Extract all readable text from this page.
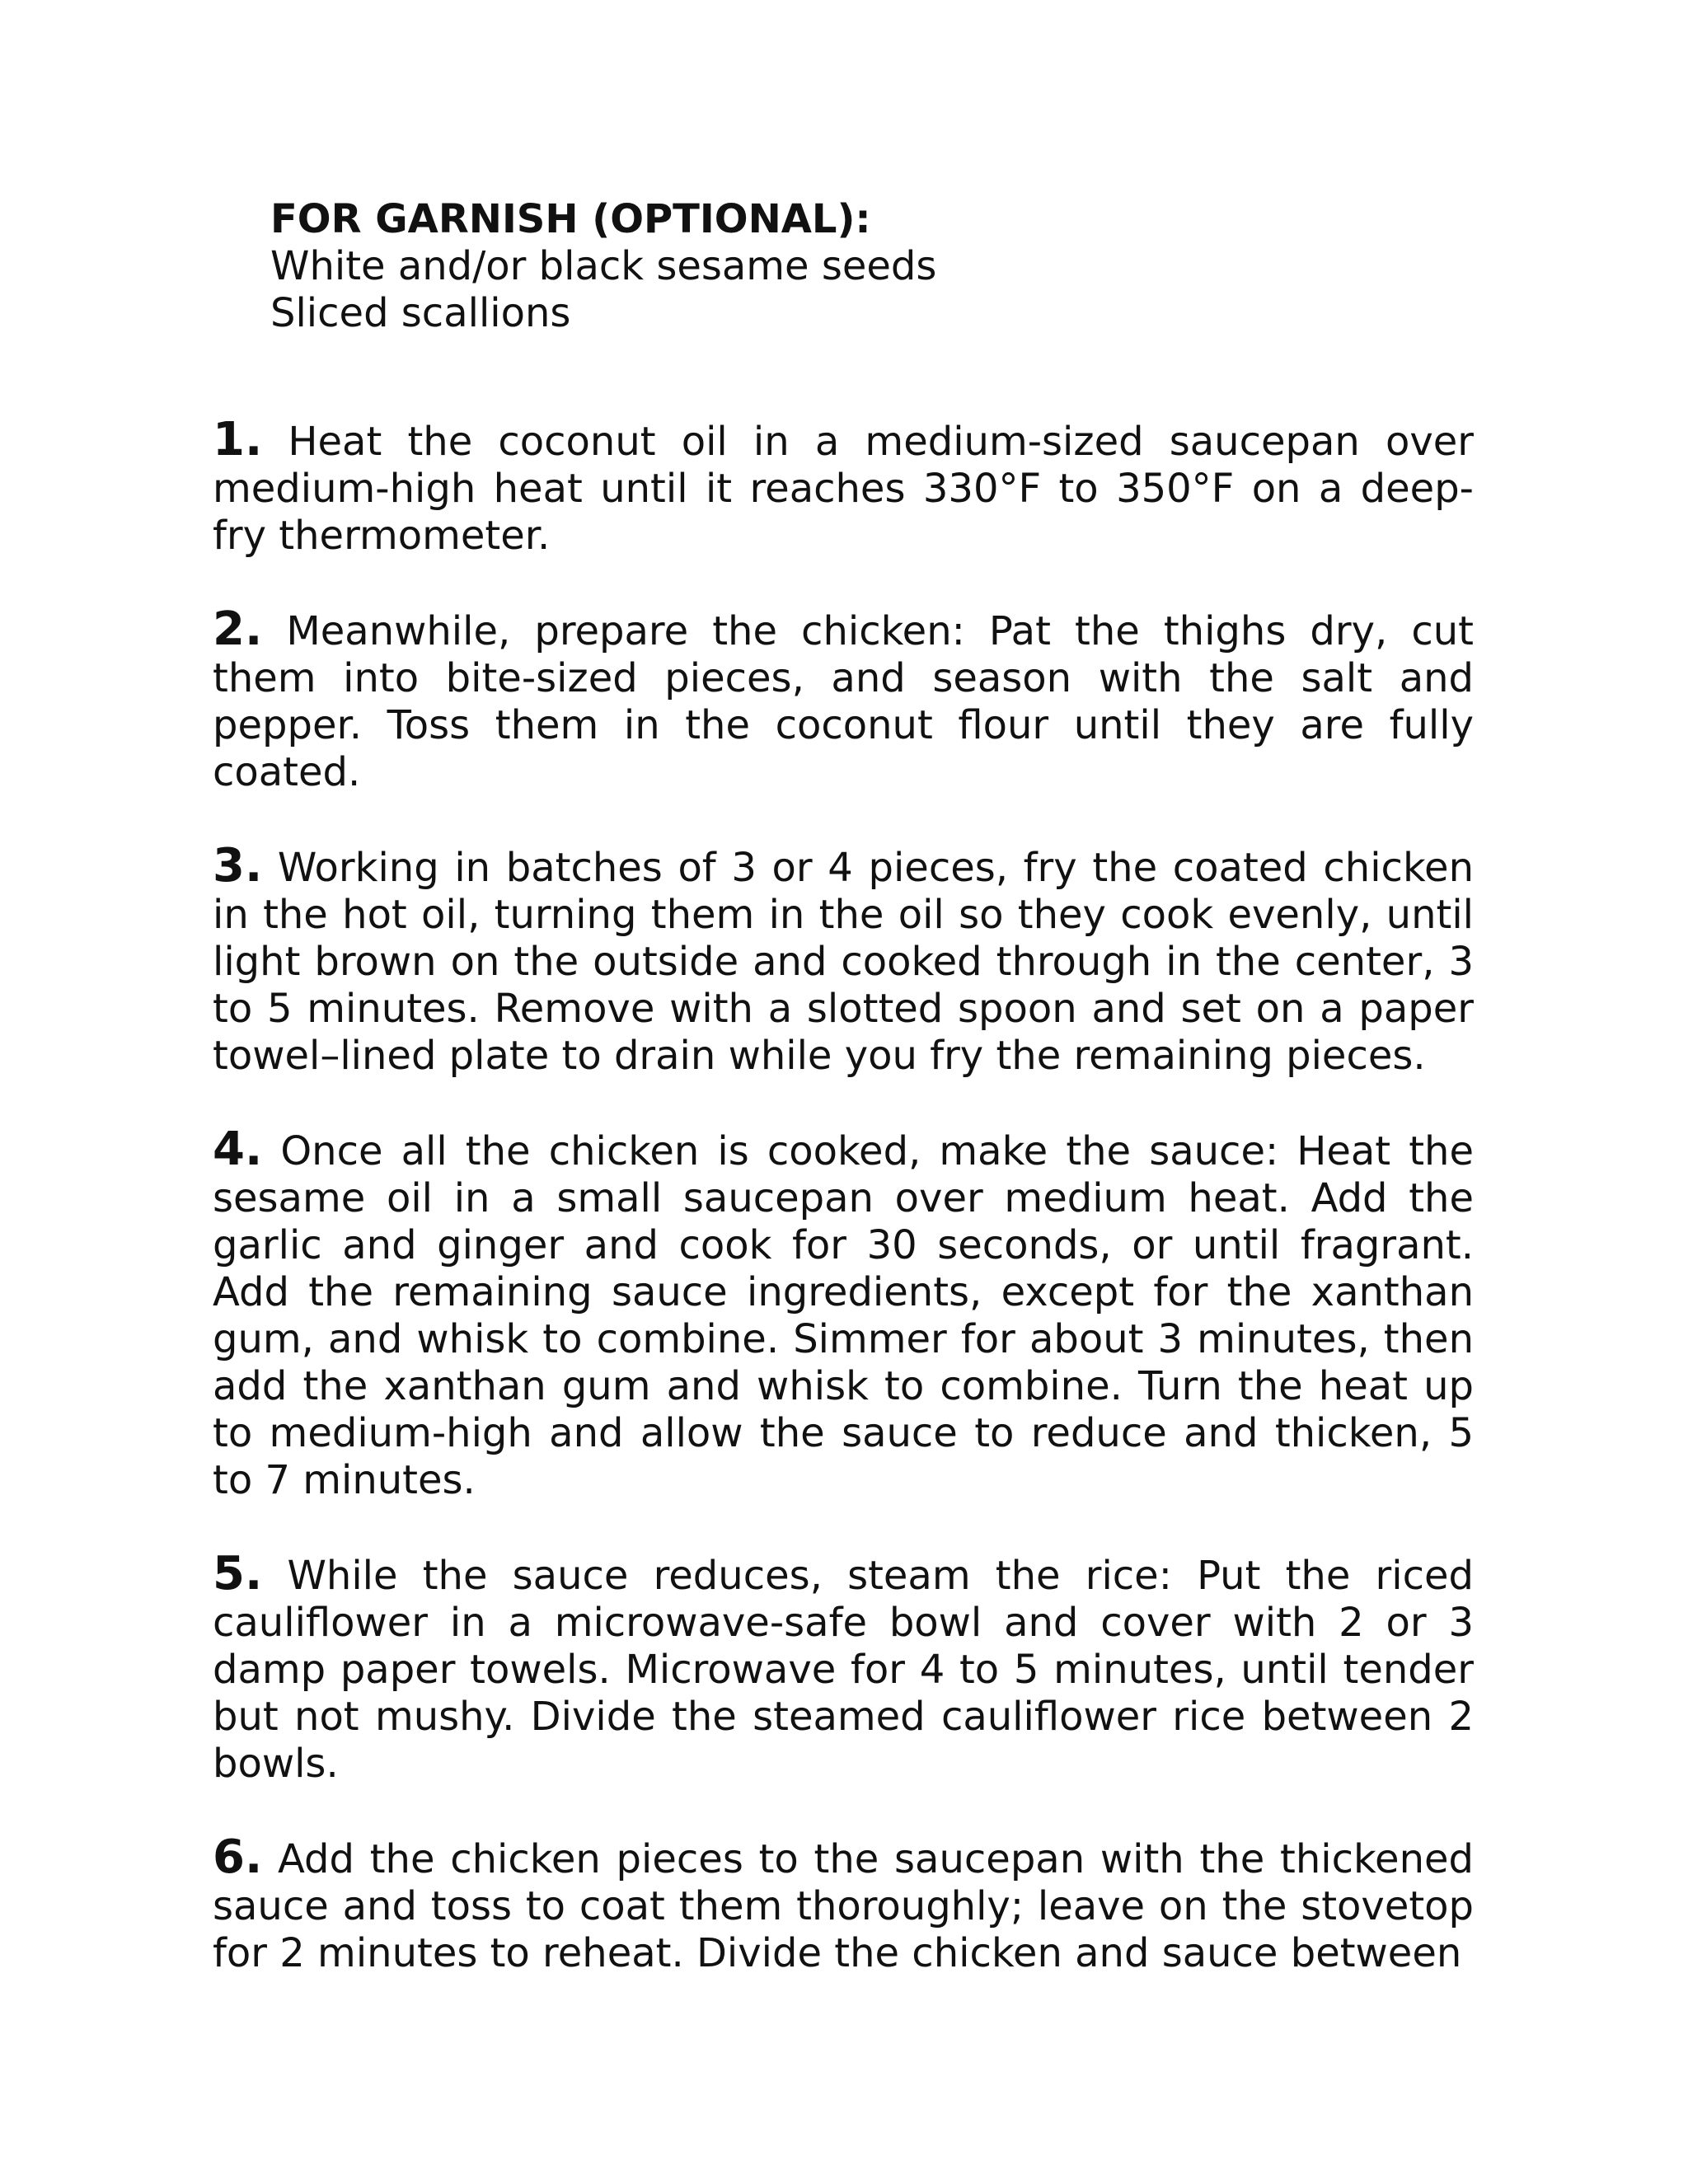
FOR GARNISH (OPTIONAL):
White and/or black sesame seeds
Sliced scallions

1. Heat the coconut oil in a medium-sized saucepan over medium-high heat until it reaches 330°F to 350°F on a deep-fry thermometer.

2. Meanwhile, prepare the chicken: Pat the thighs dry, cut them into bite-sized pieces, and season with the salt and pepper. Toss them in the coconut flour until they are fully coated.

3. Working in batches of 3 or 4 pieces, fry the coated chicken in the hot oil, turning them in the oil so they cook evenly, until light brown on the outside and cooked through in the center, 3 to 5 minutes. Remove with a slotted spoon and set on a paper towel–lined plate to drain while you fry the remaining pieces.

4. Once all the chicken is cooked, make the sauce: Heat the sesame oil in a small saucepan over medium heat. Add the garlic and ginger and cook for 30 seconds, or until fragrant. Add the remaining sauce ingredients, except for the xanthan gum, and whisk to combine. Simmer for about 3 minutes, then add the xanthan gum and whisk to combine. Turn the heat up to medium-high and allow the sauce to reduce and thicken, 5 to 7 minutes.

5. While the sauce reduces, steam the rice: Put the riced cauliflower in a microwave-safe bowl and cover with 2 or 3 damp paper towels. Microwave for 4 to 5 minutes, until tender but not mushy. Divide the steamed cauliflower rice between 2 bowls.

6. Add the chicken pieces to the saucepan with the thickened sauce and toss to coat them thoroughly; leave on the stovetop for 2 minutes to reheat. Divide the chicken and sauce between
